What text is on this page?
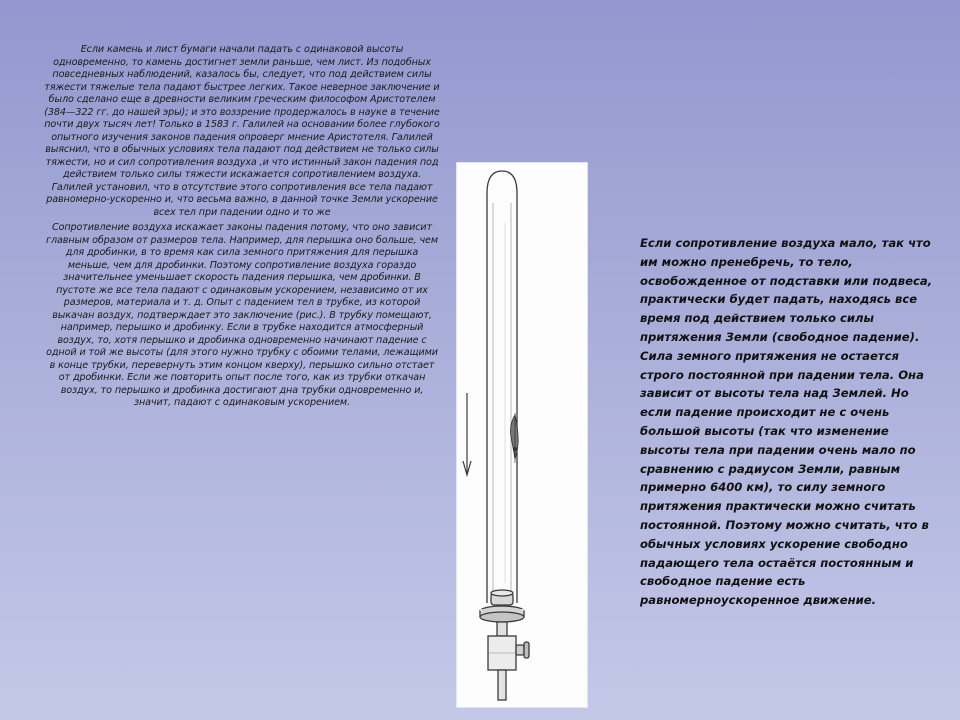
Если камень и лист бумаги начали падать с одинаковой высоты одновременно, то камень достигнет земли раньше, чем лист. Из подобных повседневных наблюдений, казалось бы, следует, что под действием силы тяжести тяжелые тела падают быстрее легких. Такое неверное заключение и было сделано еще в древности великим греческим философом Аристотелем (384—322 гг. до нашей эры); и это воззрение продержалось в науке в течение почти двух тысяч лет! Только в 1583 г. Галилей на основании более глубокого опытного изучения законов падения опроверг мнение Аристотеля. Галилей выяснил, что в обычных условиях тела падают под действием не только силы тяжести, но и сил сопротивления воздуха ,и что истинный закон падения под действием только силы тяжести искажается сопротивлением воздуха. Галилей установил, что в отсутствие этого сопротивления все тела падают равномерно-ускоренно и, что весьма важно, в данной точке Земли ускорение всех тел при падении одно и то же

Сопротивление воздуха искажает законы падения потому, что оно зависит главным образом от размеров тела. Например, для перышка оно больше, чем для дробинки, в то время как сила земного притяжения для перышка меньше, чем для дробинки. Поэтому сопротивление воздуха гораздо значительнее уменьшает скорость падения перышка, чем дробинки. В пустоте же все тела падают с одинаковым ускорением, независимо от их размеров, материала и т. д. Опыт с падением тел в трубке, из которой выкачан воздух, подтверждает это заключение (рис.). В трубку помещают, например, перышко и дробинку. Если в трубке находится атмосферный воздух, то, хотя перышко и дробинка одновременно начинают падение с одной и той же высоты (для этого нужно трубку с обоими телами, лежащими в конце трубки, перевернуть этим концом кверху), перышко сильно отстает от дробинки. Если же повторить опыт после того, как из трубки откачан воздух, то перышко и дробинка достигают дна трубки одновременно и, значит, падают с одинаковым ускорением.

Если сопротивление воздуха мало, так что им можно пренебречь, то тело, освобожденное от подставки или подвеса, практически будет падать, находясь все время под действием только силы притяжения Земли (свободное падение). Сила земного притяжения не остается строго постоянной при падении тела. Она зависит от высоты тела над Землей. Но если падение происходит не с очень большой высоты (так что изменение высоты тела при падении очень мало по сравнению с радиусом Земли, равным примерно 6400 км), то силу земного притяжения практически можно считать постоянной. Поэтому можно считать, что в обычных условиях ускорение свободно падающего тела остаётся постоянным и свободное падение есть равномерноускоренное движение.
